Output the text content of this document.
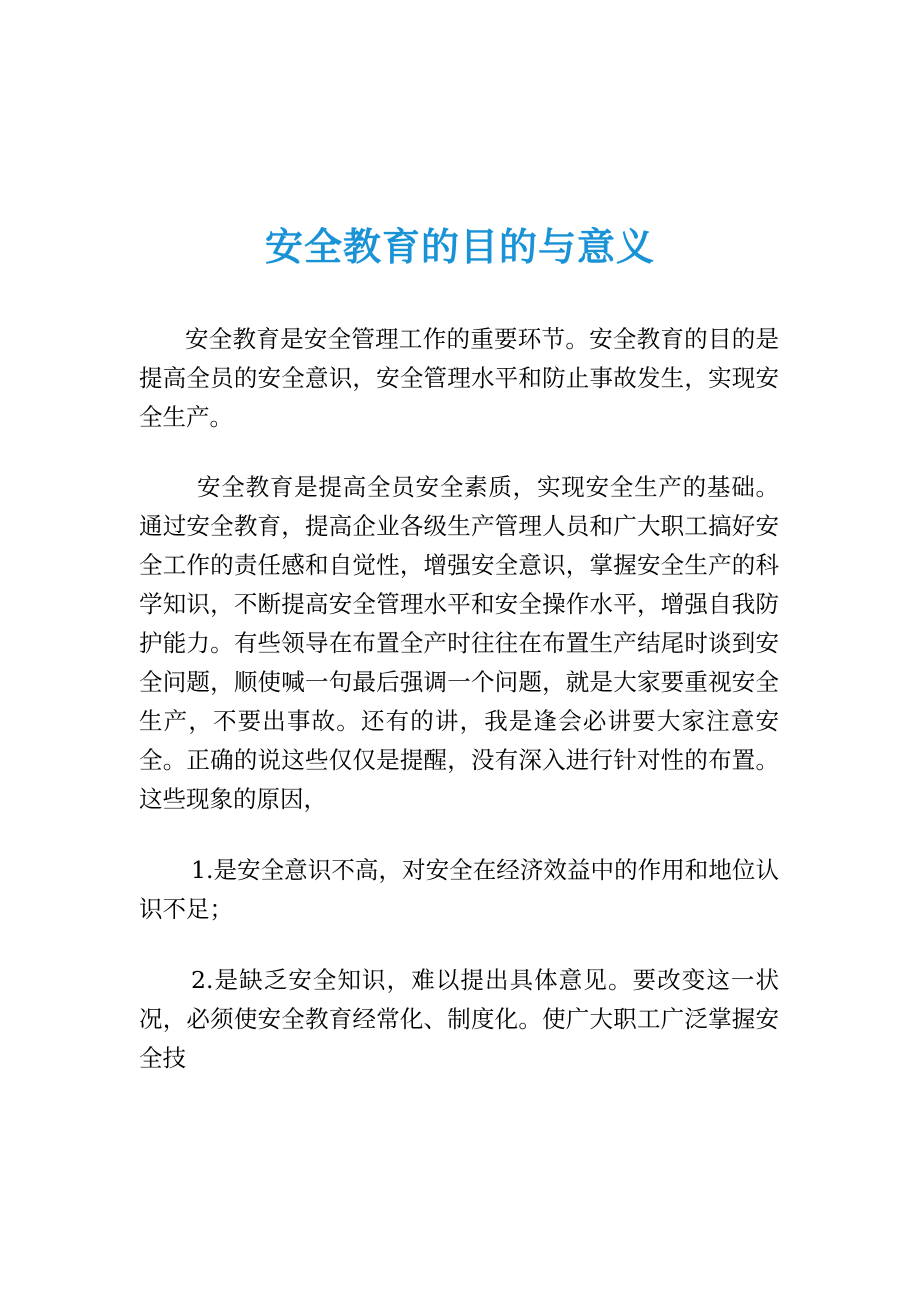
安全教育的目的与意义

安全教育是安全管理工作的重要环节。安全教育的目的是提高全员的安全意识，安全管理水平和防止事故发生，实现安全生产。

安全教育是提高全员安全素质，实现安全生产的基础。通过安全教育，提高企业各级生产管理人员和广大职工搞好安全工作的责任感和自觉性，增强安全意识，掌握安全生产的科学知识，不断提高安全管理水平和安全操作水平，增强自我防护能力。有些领导在布置全产时往往在布置生产结尾时谈到安全问题，顺使喊一句最后强调一个问题，就是大家要重视安全生产，不要出事故。还有的讲，我是逢会必讲要大家注意安全。正确的说这些仅仅是提醒，没有深入进行针对性的布置。这些现象的原因，

1.是安全意识不高，对安全在经济效益中的作用和地位认识不足；

2.是缺乏安全知识，难以提出具体意见。要改变这一状况，必须使安全教育经常化、制度化。使广大职工广泛掌握安全技
